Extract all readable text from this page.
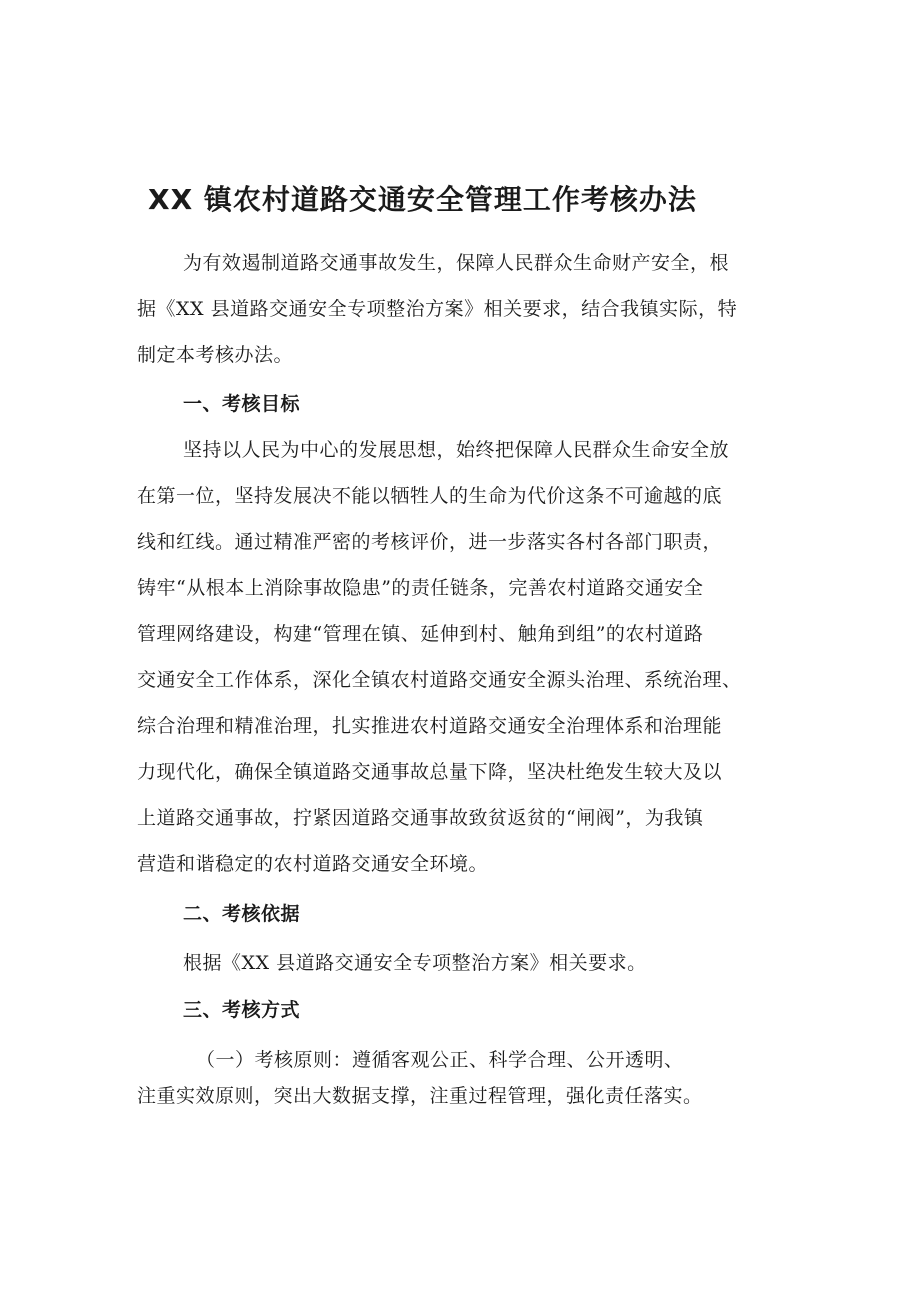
XX 镇农村道路交通安全管理工作考核办法

为有效遏制道路交通事故发生，保障人民群众生命财产安全，根

据《XX 县道路交通安全专项整治方案》相关要求，结合我镇实际，特

制定本考核办法。

一、考核目标

坚持以人民为中心的发展思想，始终把保障人民群众生命安全放

在第一位，坚持发展决不能以牺牲人的生命为代价这条不可逾越的底

线和红线。通过精准严密的考核评价，进一步落实各村各部门职责，

铸牢“从根本上消除事故隐患”的责任链条，完善农村道路交通安全

管理网络建设，构建“管理在镇、延伸到村、触角到组”的农村道路

交通安全工作体系，深化全镇农村道路交通安全源头治理、系统治理、

综合治理和精准治理，扎实推进农村道路交通安全治理体系和治理能

力现代化，确保全镇道路交通事故总量下降，坚决杜绝发生较大及以

上道路交通事故，拧紧因道路交通事故致贫返贫的“闸阀”，为我镇

营造和谐稳定的农村道路交通安全环境。

二、考核依据

根据《XX 县道路交通安全专项整治方案》相关要求。

三、考核方式

（一）考核原则：遵循客观公正、科学合理、公开透明、

注重实效原则，突出大数据支撑，注重过程管理，强化责任落实。
